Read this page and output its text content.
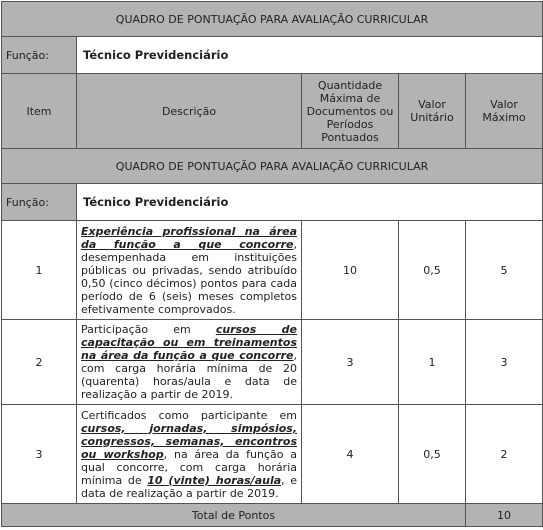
QUADRO DE PONTUAÇÃO PARA AVALIAÇÃO CURRICULAR				
Função:	Técnico Previdenciário			
Item	Descrição	Quantidade Máxima de Documentos ou Períodos Pontuados	Valor Unitário	Valor Máximo
QUADRO DE PONTUAÇÃO PARA AVALIAÇÃO CURRICULAR				
Função:	Técnico Previdenciário			
1	Experiência profissional na área da função a que concorre, desempenhada em instituições públicas ou privadas, sendo atribuído 0,50 (cinco décimos) pontos para cada período de 6 (seis) meses completos efetivamente comprovados.	10	0,5	5
2	Participação em cursos de capacitação ou em treinamentos na área da função a que concorre, com carga horária mínima de 20 (quarenta) horas/aula e data de realização a partir de 2019.	3	1	3
3	Certificados como participante em cursos, jornadas, simpósios, congressos, semanas, encontros ou workshop, na área da função a qual concorre, com carga horária mínima de 10 (vinte) horas/aula, e data de realização a partir de 2019.	4	0,5	2
Total de Pontos				10
